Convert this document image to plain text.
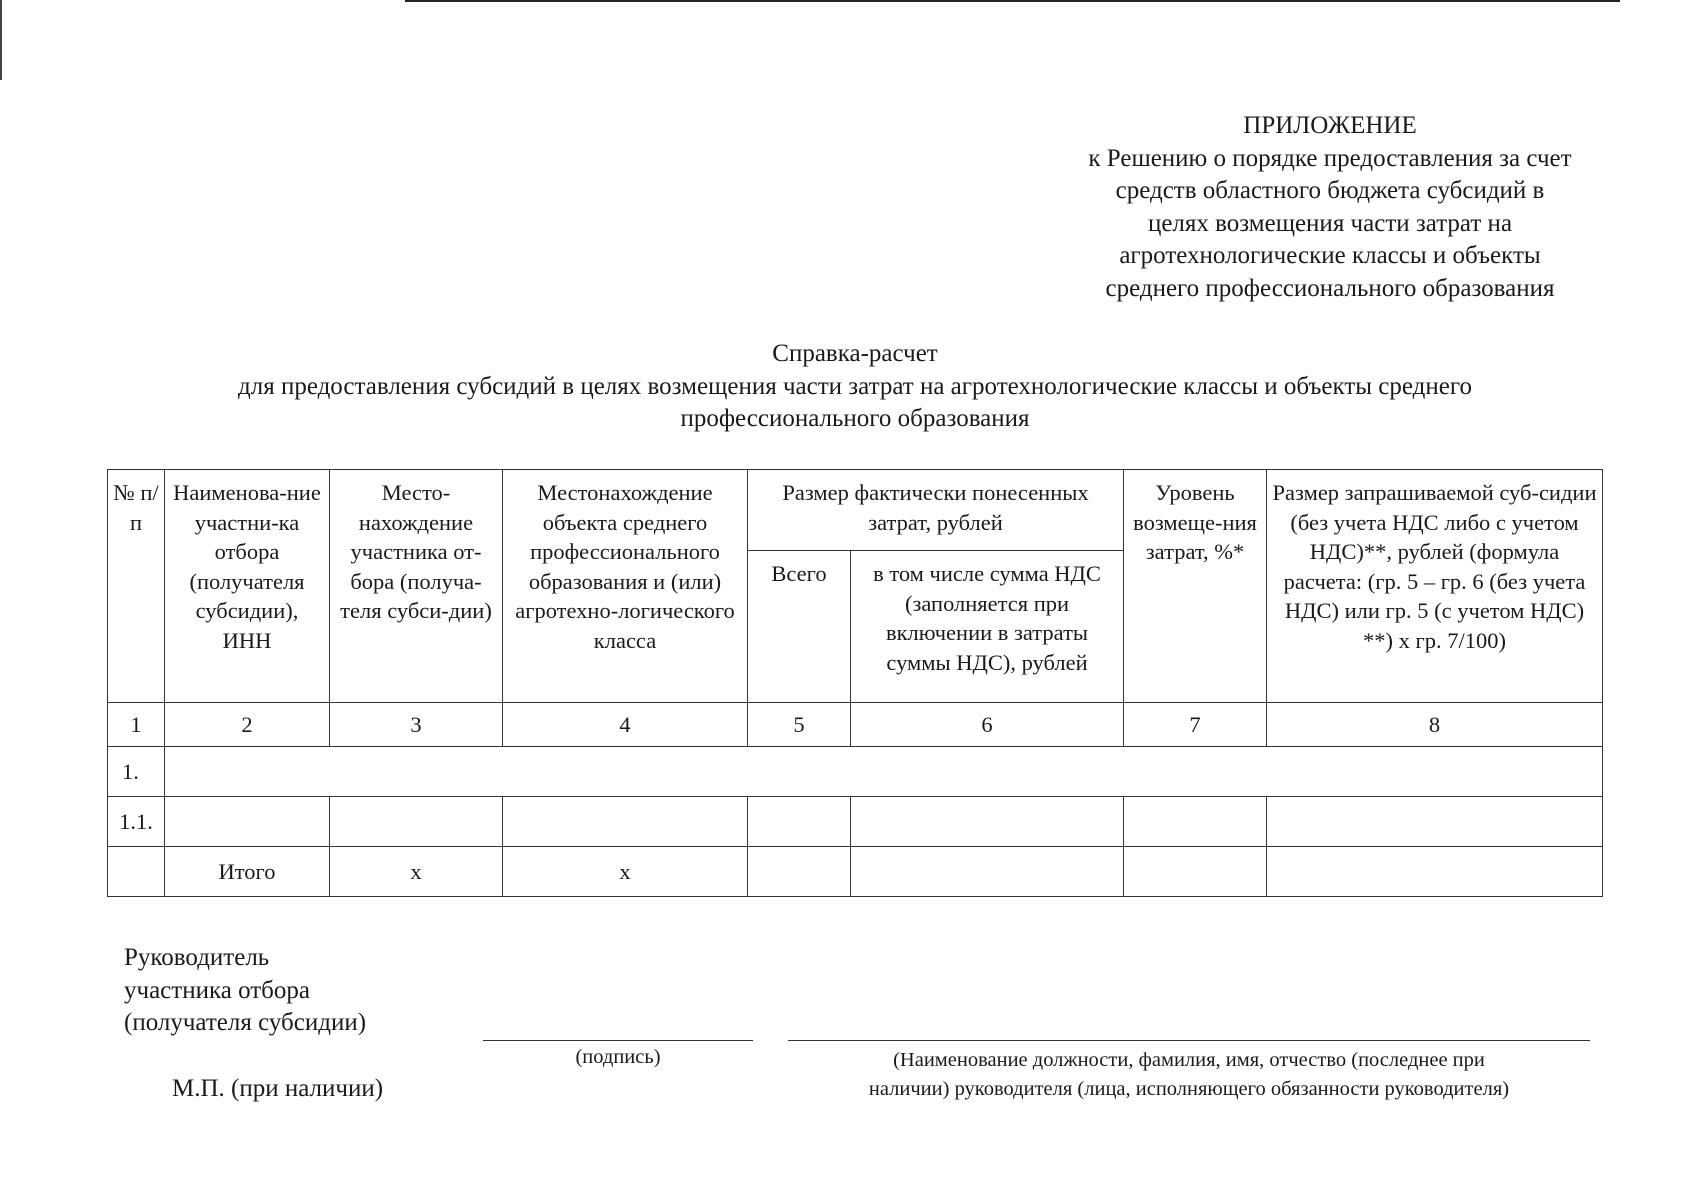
ПРИЛОЖЕНИЕ
к Решению о порядке предоставления за счет
средств областного бюджета субсидий в
целях возмещения части затрат на
агротехнологические классы и объекты
среднего профессионального образования
Справка-расчет
для предоставления субсидий в целях возмещения части затрат на агротехнологические классы и объекты среднего
профессионального образования
№ п/п	Наименова-ние участни-ка отбора (получателя субсидии), ИНН	Место-нахождение участника от-бора (получа-теля субси-дии)	Местонахождение объекта среднего профессионального образования и (или) агротехно-логического класса	Размер фактически понесенных затрат, рублей		Уровень возмеще-ния затрат, %*	Размер запрашиваемой суб-сидии (без учета НДС либо с учетом НДС)**, рублей (формула расчета: (гр. 5 – гр. 6 (без учета НДС) или гр. 5 (с учетом НДС) **) х гр. 7/100)
				Всего	в том числе сумма НДС (заполняется при включении в затраты суммы НДС), рублей		
1	2	3	4	5	6	7	8
1.							
1.1.							
	Итого	х	х				
Руководитель
участника отбора
(получателя субсидии)
М.П. (при наличии)
(подпись)	(Наименование должности, фамилия, имя, отчество (последнее при
наличии) руководителя (лица, исполняющего обязанности руководителя)
